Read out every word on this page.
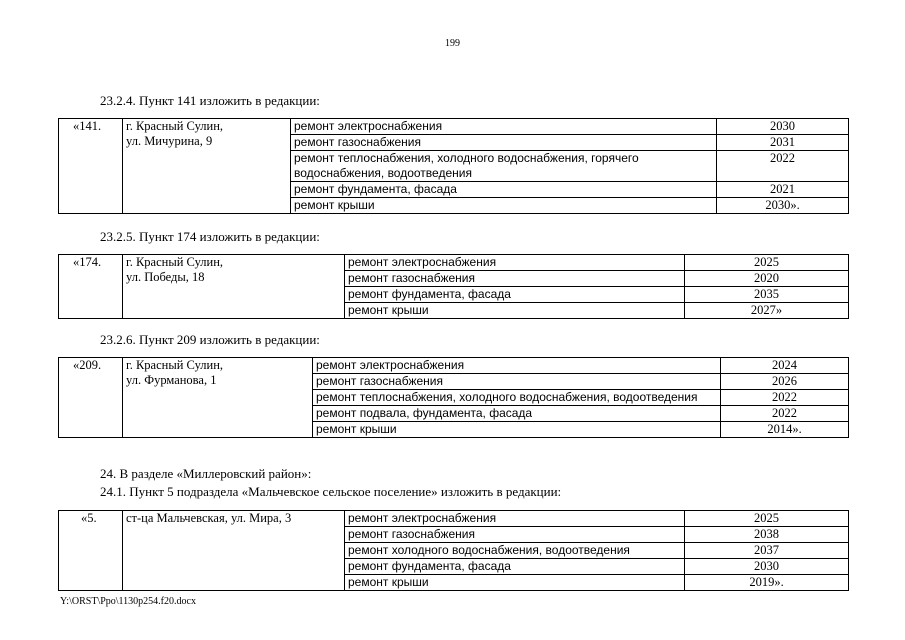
199
23.2.4. Пункт 141 изложить в редакции:
«141.	г. Красный Сулин,
ул. Мичурина, 9	ремонт электроснабжения	2030
		ремонт газоснабжения	2031
		ремонт теплоснабжения, холодного водоснабжения, горячего водоснабжения, водоотведения	2022
		ремонт фундамента, фасада	2021
		ремонт крыши	2030».
23.2.5. Пункт 174 изложить в редакции:
«174.	г. Красный Сулин,
ул. Победы, 18	ремонт электроснабжения	2025
		ремонт газоснабжения	2020
		ремонт фундамента, фасада	2035
		ремонт крыши	2027»
23.2.6. Пункт 209 изложить в редакции:
«209.	г. Красный Сулин,
ул. Фурманова, 1	ремонт электроснабжения	2024
		ремонт газоснабжения	2026
		ремонт теплоснабжения, холодного водоснабжения, водоотведения	2022
		ремонт подвала, фундамента, фасада	2022
		ремонт крыши	2014».
24. В разделе «Миллеровский район»:
24.1. Пункт 5 подраздела «Мальчевское сельское поселение» изложить в редакции:
«5.	ст-ца Мальчевская, ул. Мира, 3	ремонт электроснабжения	2025
		ремонт газоснабжения	2038
		ремонт холодного водоснабжения, водоотведения	2037
		ремонт фундамента, фасада	2030
		ремонт крыши	2019».
Y:\ORST\Ppo\1130p254.f20.docx
